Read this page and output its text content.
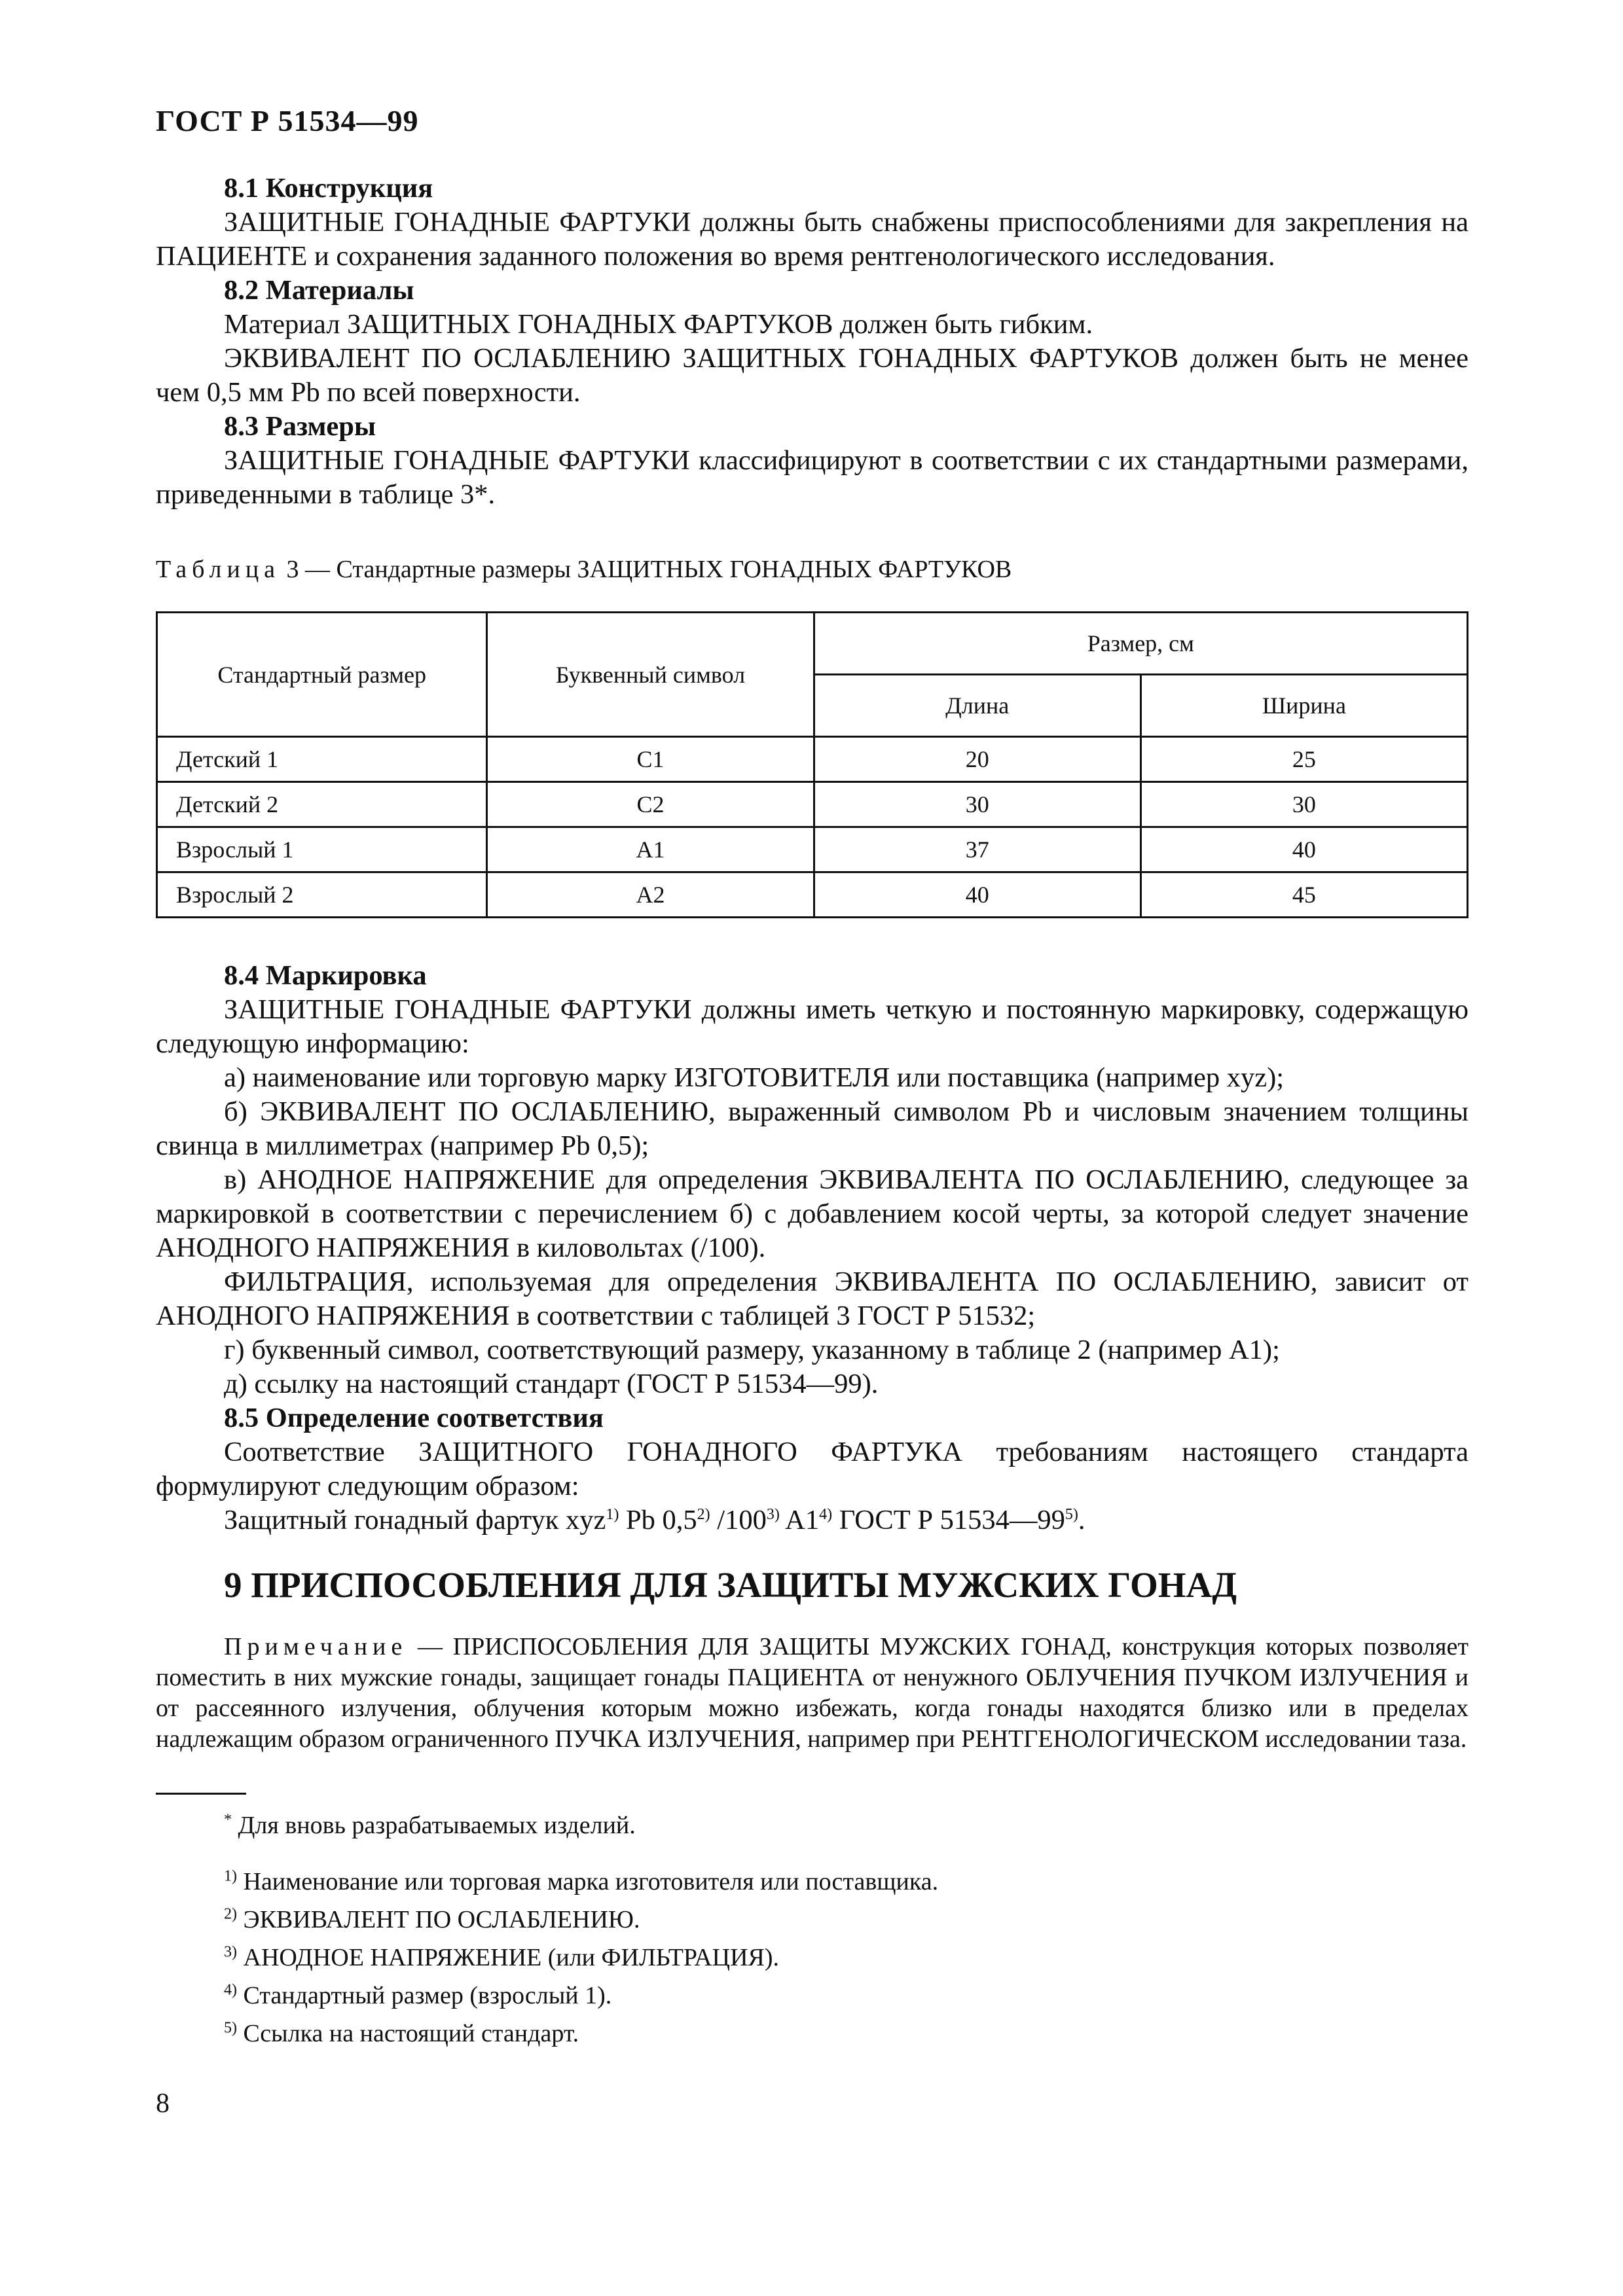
ГОСТ Р 51534—99

8.1 Конструкция

ЗАЩИТНЫЕ ГОНАДНЫЕ ФАРТУКИ должны быть снабжены приспособлениями для закрепления на ПАЦИЕНТЕ и сохранения заданного положения во время рентгенологического исследования.

8.2 Материалы

Материал ЗАЩИТНЫХ ГОНАДНЫХ ФАРТУКОВ должен быть гибким.

ЭКВИВАЛЕНТ ПО ОСЛАБЛЕНИЮ ЗАЩИТНЫХ ГОНАДНЫХ ФАРТУКОВ должен быть не менее чем 0,5 мм Pb по всей поверхности.

8.3 Размеры

ЗАЩИТНЫЕ ГОНАДНЫЕ ФАРТУКИ классифицируют в соответствии с их стандартными размерами, приведенными в таблице 3*.

Таблица 3 — Стандартные размеры ЗАЩИТНЫХ ГОНАДНЫХ ФАРТУКОВ

Стандартный размер	Буквенный символ	Размер, см	
		Длина	Ширина
Детский 1	C1	20	25
Детский 2	C2	30	30
Взрослый 1	A1	37	40
Взрослый 2	A2	40	45

8.4 Маркировка

ЗАЩИТНЫЕ ГОНАДНЫЕ ФАРТУКИ должны иметь четкую и постоянную маркировку, содержащую следующую информацию:

а) наименование или торговую марку ИЗГОТОВИТЕЛЯ или поставщика (например xyz);

б) ЭКВИВАЛЕНТ ПО ОСЛАБЛЕНИЮ, выраженный символом Pb и числовым значением толщины свинца в миллиметрах (например Pb 0,5);

в) АНОДНОЕ НАПРЯЖЕНИЕ для определения ЭКВИВАЛЕНТА ПО ОСЛАБЛЕНИЮ, следующее за маркировкой в соответствии с перечислением б) с добавлением косой черты, за которой следует значение АНОДНОГО НАПРЯЖЕНИЯ в киловольтах (/100).

ФИЛЬТРАЦИЯ, используемая для определения ЭКВИВАЛЕНТА ПО ОСЛАБЛЕНИЮ, зависит от АНОДНОГО НАПРЯЖЕНИЯ в соответствии с таблицей 3 ГОСТ Р 51532;

г) буквенный символ, соответствующий размеру, указанному в таблице 2 (например A1);

д) ссылку на настоящий стандарт (ГОСТ Р 51534—99).

8.5 Определение соответствия

Соответствие ЗАЩИТНОГО ГОНАДНОГО ФАРТУКА требованиям настоящего стандарта формулируют следующим образом:

Защитный гонадный фартук xyz$^{1)}$ Pb 0,5$^{2)}$ /100$^{3)}$ A1$^{4)}$ ГОСТ Р 51534—99$^{5)}$.

9 ПРИСПОСОБЛЕНИЯ ДЛЯ ЗАЩИТЫ МУЖСКИХ ГОНАД

Примечание — ПРИСПОСОБЛЕНИЯ ДЛЯ ЗАЩИТЫ МУЖСКИХ ГОНАД, конструкция которых позволяет поместить в них мужские гонады, защищает гонады ПАЦИЕНТА от ненужного ОБЛУЧЕНИЯ ПУЧКОМ ИЗЛУЧЕНИЯ и от рассеянного излучения, облучения которым можно избежать, когда гонады находятся близко или в пределах надлежащим образом ограниченного ПУЧКА ИЗЛУЧЕНИЯ, например при РЕНТГЕНОЛОГИЧЕСКОМ исследовании таза.

* Для вновь разрабатываемых изделий.

$^{1)}$ Наименование или торговая марка изготовителя или поставщика.

$^{2)}$ ЭКВИВАЛЕНТ ПО ОСЛАБЛЕНИЮ.

$^{3)}$ АНОДНОЕ НАПРЯЖЕНИЕ (или ФИЛЬТРАЦИЯ).

$^{4)}$ Стандартный размер (взрослый 1).

$^{5)}$ Ссылка на настоящий стандарт.

8
